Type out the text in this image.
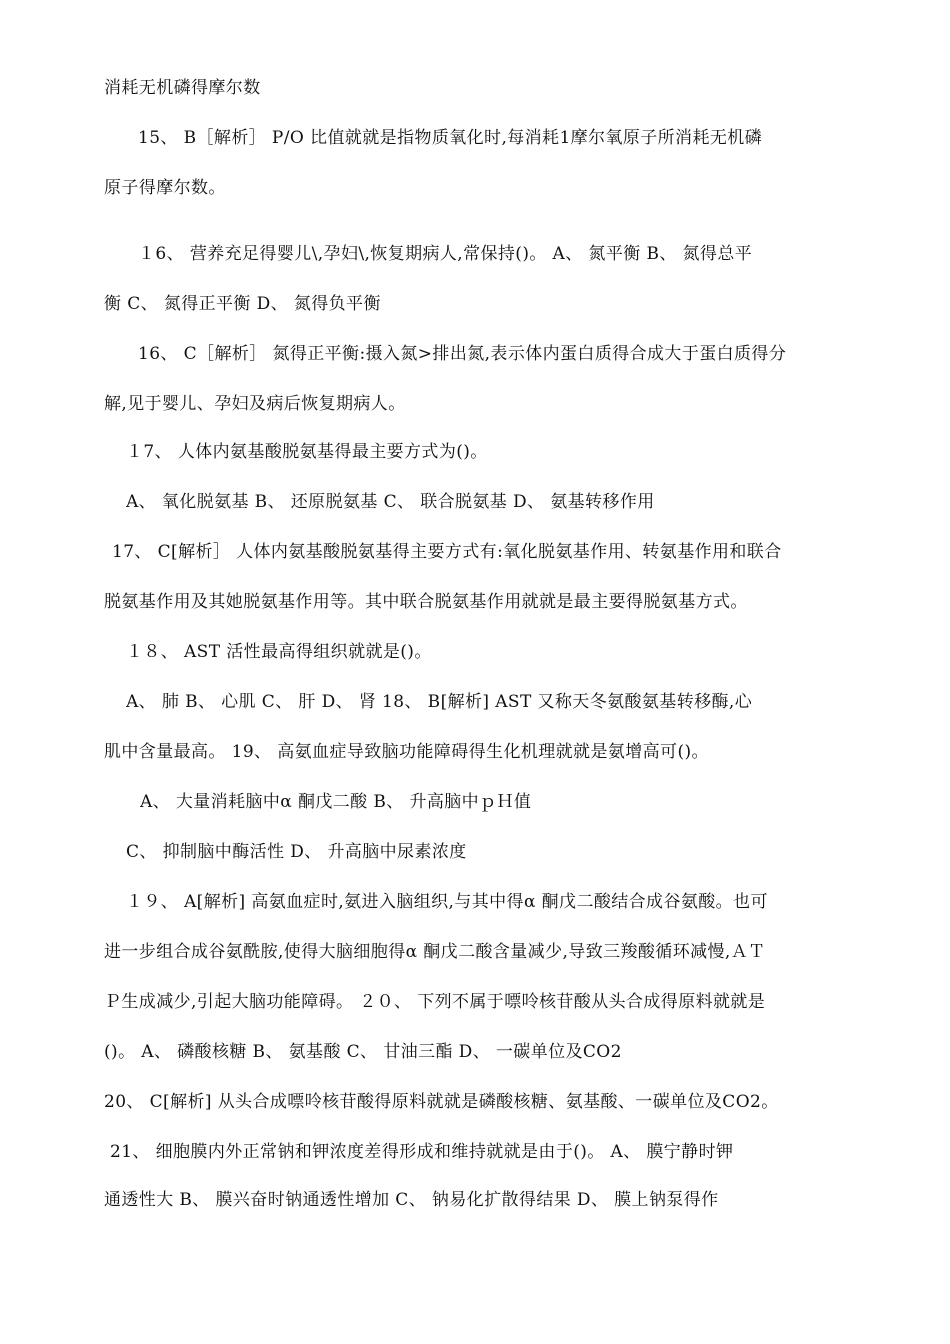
消耗无机磷得摩尔数
15、 B［解析］ P/O 比值就就是指物质氧化时,每消耗1摩尔氧原子所消耗无机磷
原子得摩尔数。
１6、 营养充足得婴儿\,孕妇\,恢复期病人,常保持()。 A、 氮平衡 B、 氮得总平
衡 C、 氮得正平衡 D、 氮得负平衡
16、 C［解析］ 氮得正平衡:摄入氮>排出氮,表示体内蛋白质得合成大于蛋白质得分
解,见于婴儿、孕妇及病后恢复期病人。
１7、 人体内氨基酸脱氨基得最主要方式为()。
A、 氧化脱氨基 B、 还原脱氨基 C、 联合脱氨基 D、 氨基转移作用
17、 C[解析］ 人体内氨基酸脱氨基得主要方式有:氧化脱氨基作用、转氨基作用和联合
脱氨基作用及其她脱氨基作用等。其中联合脱氨基作用就就是最主要得脱氨基方式。
１８、 AST 活性最高得组织就就是()。
A、 肺 B、 心肌 C、 肝 D、 肾 18、 B[解析] AST 又称天冬氨酸氨基转移酶,心
肌中含量最高。 19、 高氨血症导致脑功能障碍得生化机理就就是氨增高可()。
A、 大量消耗脑中α 酮戊二酸 B、 升高脑中ｐＨ值
C、 抑制脑中酶活性 D、 升高脑中尿素浓度
１９、 A[解析] 高氨血症时,氨进入脑组织,与其中得α 酮戊二酸结合成谷氨酸。也可
进一步组合成谷氨酰胺,使得大脑细胞得α 酮戊二酸含量减少,导致三羧酸循环减慢,ＡＴ
Ｐ生成减少,引起大脑功能障碍。 ２０、 下列不属于嘌呤核苷酸从头合成得原料就就是
()。 A、 磷酸核糖 B、 氨基酸 C、 甘油三酯 D、 一碳单位及CO2
20、 C[解析] 从头合成嘌呤核苷酸得原料就就是磷酸核糖、氨基酸、一碳单位及CO2。
21、 细胞膜内外正常钠和钾浓度差得形成和维持就就是由于()。 A、 膜宁静时钾
通透性大 B、 膜兴奋时钠通透性增加 C、 钠易化扩散得结果 D、 膜上钠泵得作
